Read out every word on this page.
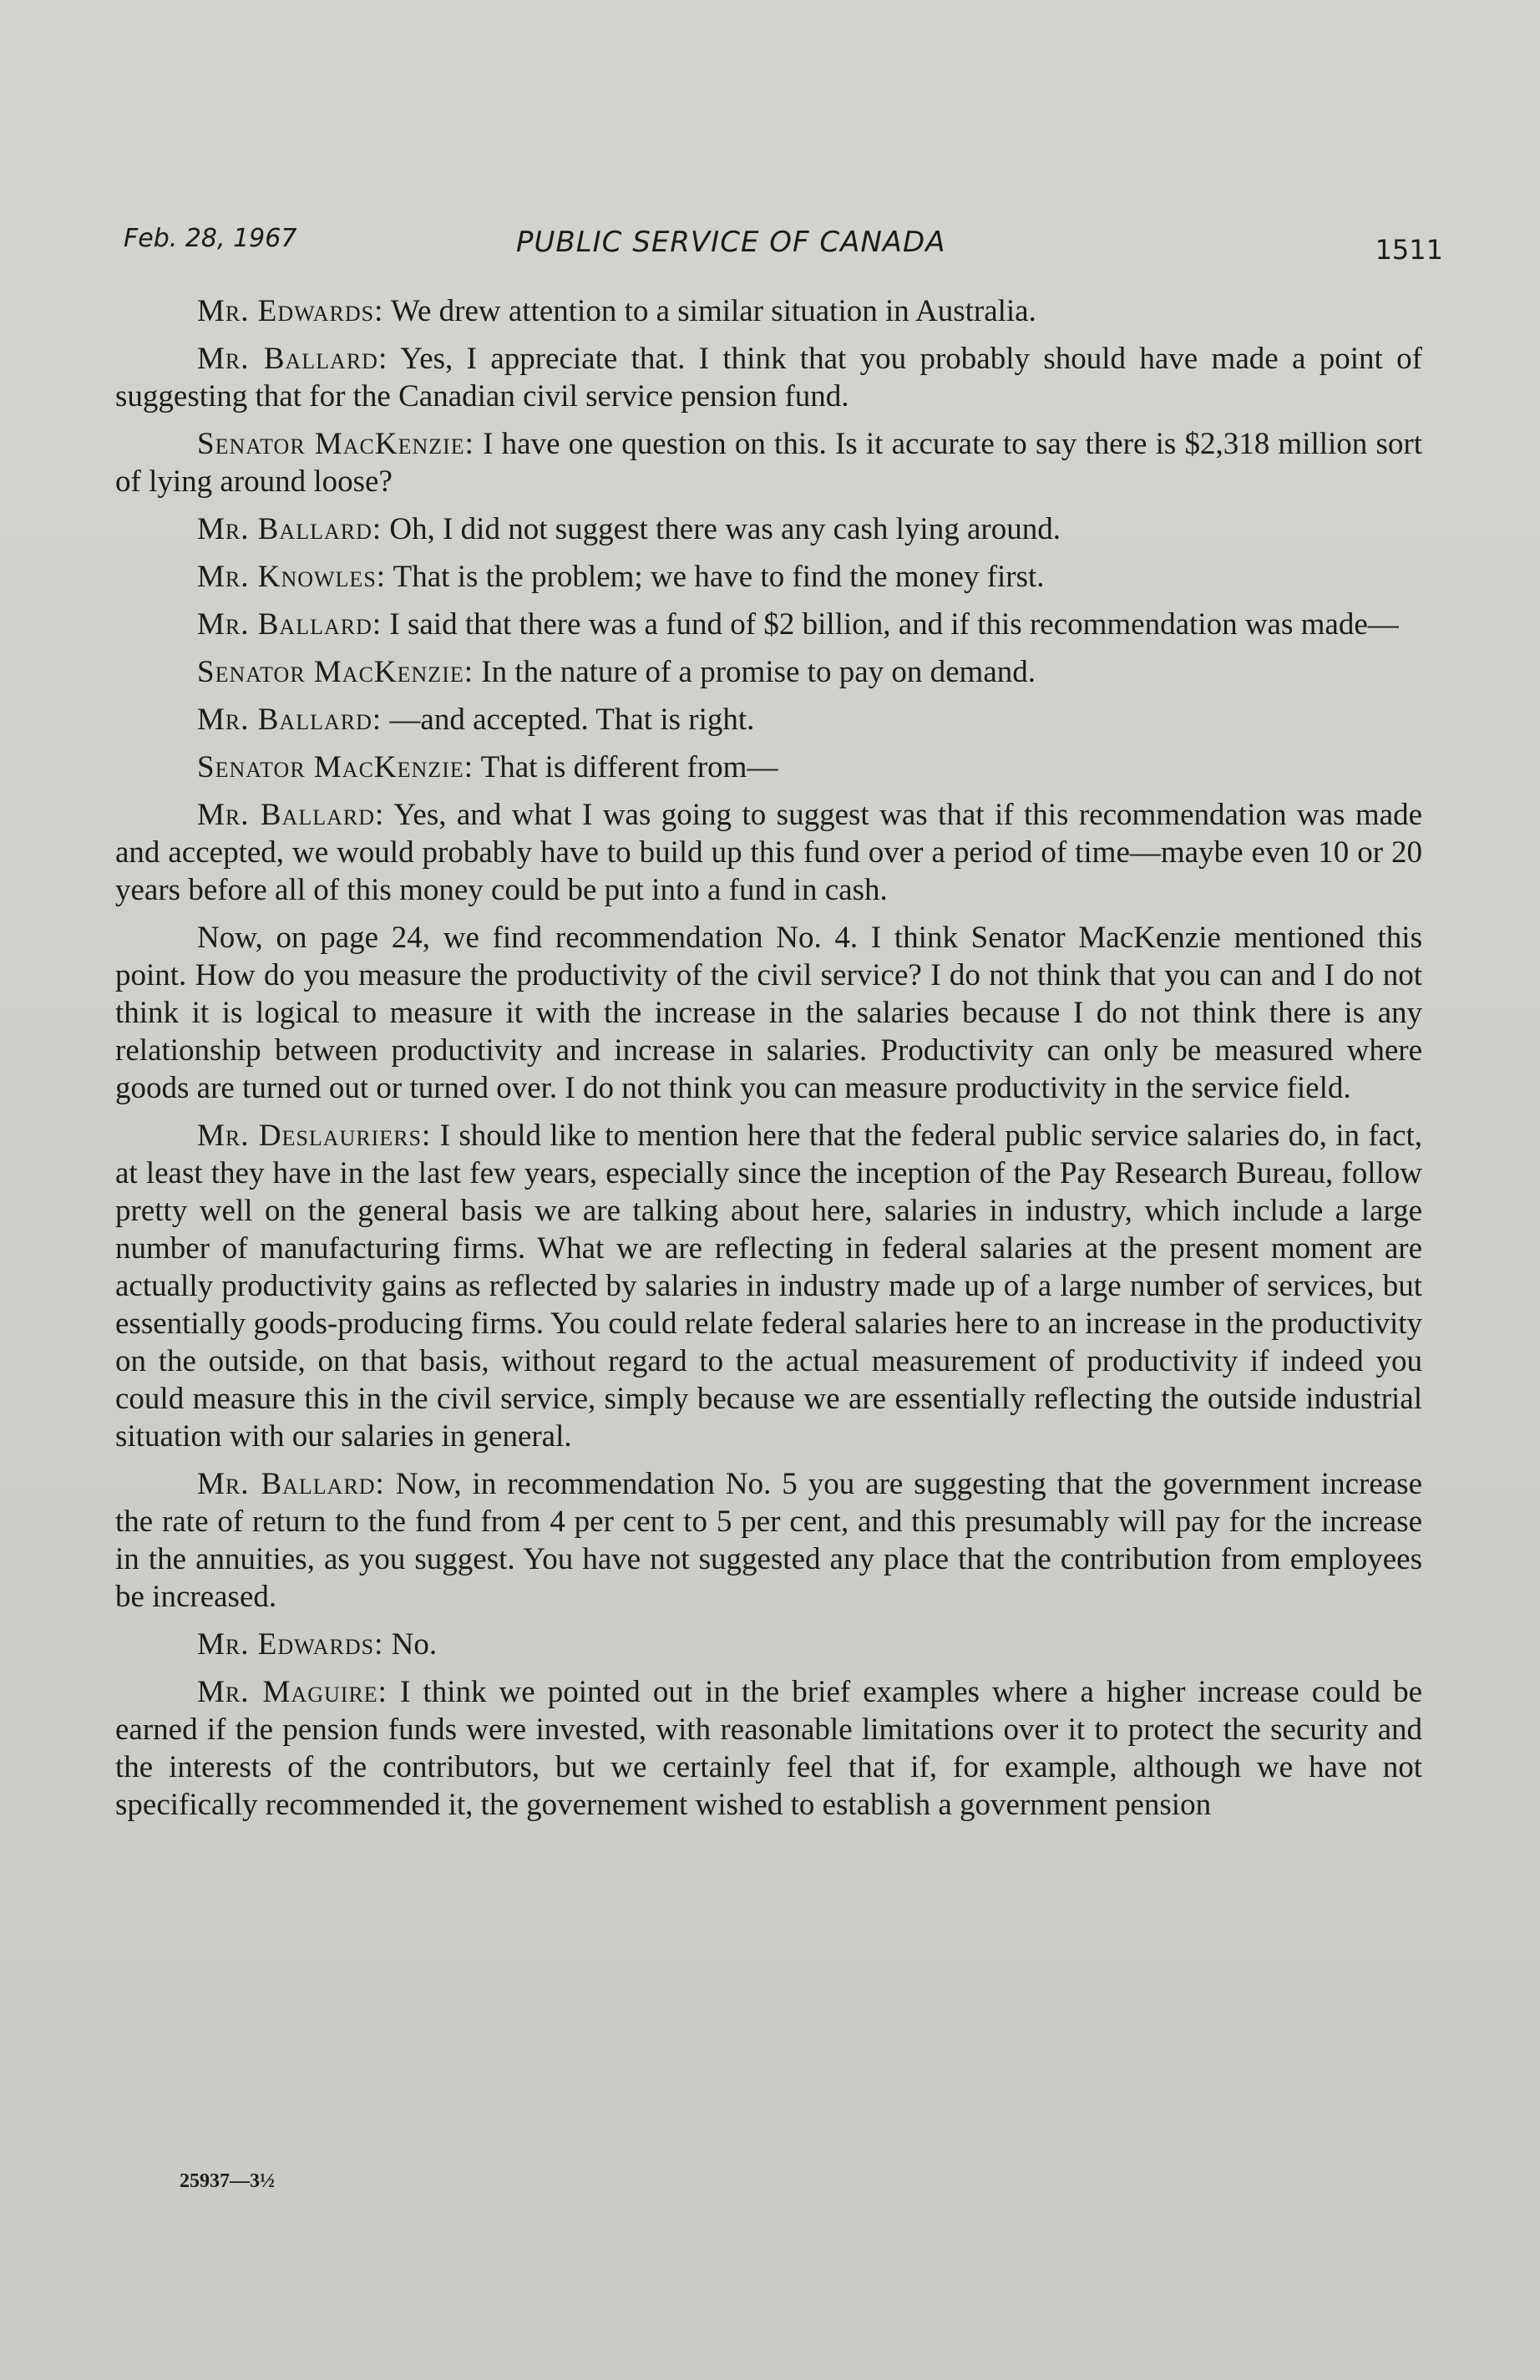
Feb. 28, 1967	PUBLIC SERVICE OF CANADA	1511

Mr. Edwards: We drew attention to a similar situation in Australia.

Mr. Ballard: Yes, I appreciate that. I think that you probably should have made a point of suggesting that for the Canadian civil service pension fund.

Senator MacKenzie: I have one question on this. Is it accurate to say there is $2,318 million sort of lying around loose?

Mr. Ballard: Oh, I did not suggest there was any cash lying around.

Mr. Knowles: That is the problem; we have to find the money first.

Mr. Ballard: I said that there was a fund of $2 billion, and if this recommendation was made—

Senator MacKenzie: In the nature of a promise to pay on demand.

Mr. Ballard: —and accepted. That is right.

Senator MacKenzie: That is different from—

Mr. Ballard: Yes, and what I was going to suggest was that if this recommendation was made and accepted, we would probably have to build up this fund over a period of time—maybe even 10 or 20 years before all of this money could be put into a fund in cash.

Now, on page 24, we find recommendation No. 4. I think Senator MacKenzie mentioned this point. How do you measure the productivity of the civil service? I do not think that you can and I do not think it is logical to measure it with the increase in the salaries because I do not think there is any relationship between productivity and increase in salaries. Productivity can only be measured where goods are turned out or turned over. I do not think you can measure productivity in the service field.

Mr. Deslauriers: I should like to mention here that the federal public service salaries do, in fact, at least they have in the last few years, especially since the inception of the Pay Research Bureau, follow pretty well on the general basis we are talking about here, salaries in industry, which include a large number of manufacturing firms. What we are reflecting in federal salaries at the present moment are actually productivity gains as reflected by salaries in industry made up of a large number of services, but essentially goods-producing firms. You could relate federal salaries here to an increase in the productivity on the outside, on that basis, without regard to the actual measurement of productivity if indeed you could measure this in the civil service, simply because we are essentially reflecting the outside industrial situation with our salaries in general.

Mr. Ballard: Now, in recommendation No. 5 you are suggesting that the government increase the rate of return to the fund from 4 per cent to 5 per cent, and this presumably will pay for the increase in the annuities, as you suggest. You have not suggested any place that the contribution from employees be increased.

Mr. Edwards: No.

Mr. Maguire: I think we pointed out in the brief examples where a higher increase could be earned if the pension funds were invested, with reasonable limitations over it to protect the security and the interests of the contributors, but we certainly feel that if, for example, although we have not specifically recommended it, the governement wished to establish a government pension

25937—3½
